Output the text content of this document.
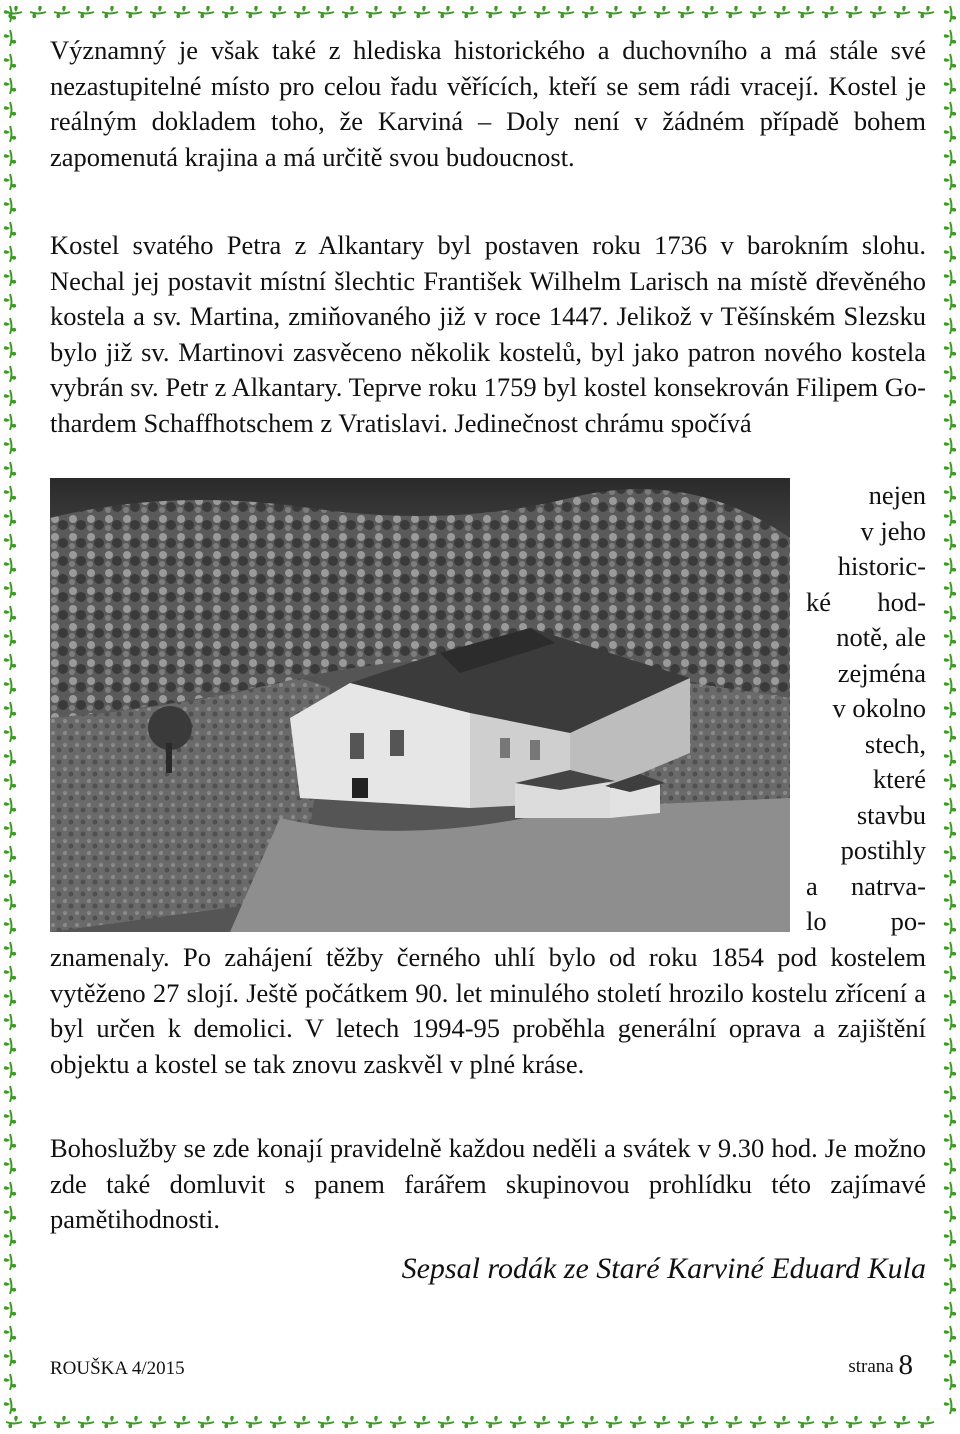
Významný je však také z hlediska historického a duchovního a má stále své nezastupitelné místo pro celou řadu věřících, kteří se sem rádi vracejí. Kostel je reálným dokladem toho, že Karviná – Doly není v žádném případě bohem zapomenutá krajina a má určitě svou budoucnost.

Kostel svatého Petra z Alkantary byl postaven roku 1736 v barokním slohu. Nechal jej postavit místní šlechtic František Wilhelm Larisch na místě dřevěného kostela a sv. Martina, zmiňovaného již v roce 1447. Jelikož v Těšínském Slezsku bylo již sv. Martinovi zasvěceno několik kostelů, byl jako patron nového kostela vybrán sv. Petr z Alkantary. Teprve roku 1759 byl kostel konsekrován Filipem Gothardem Schaffhotschem z Vratislavi. Jedinečnost chrámu spočívá

nejen
v jeho
historic-
ké hod-
notě, ale
zejména
v okolno
stech,
které
stavbu
postihly
a natrva-
lo po-

znamenaly. Po zahájení těžby černého uhlí bylo od roku 1854 pod kostelem vytěženo 27 slojí. Ještě počátkem 90. let minulého století hrozilo kostelu zřícení a byl určen k demolici. V letech 1994-95 proběhla generální oprava a zajištění objektu a kostel se tak znovu zaskvěl v plné kráse.

Bohoslužby se zde konají pravidelně každou neděli a svátek v 9.30 hod. Je možno zde také domluvit s panem farářem skupinovou prohlídku této zajímavé pamětihodnosti.

Sepsal rodák ze Staré Karviné Eduard Kula
ROUŠKA 4/2015	strana 8
